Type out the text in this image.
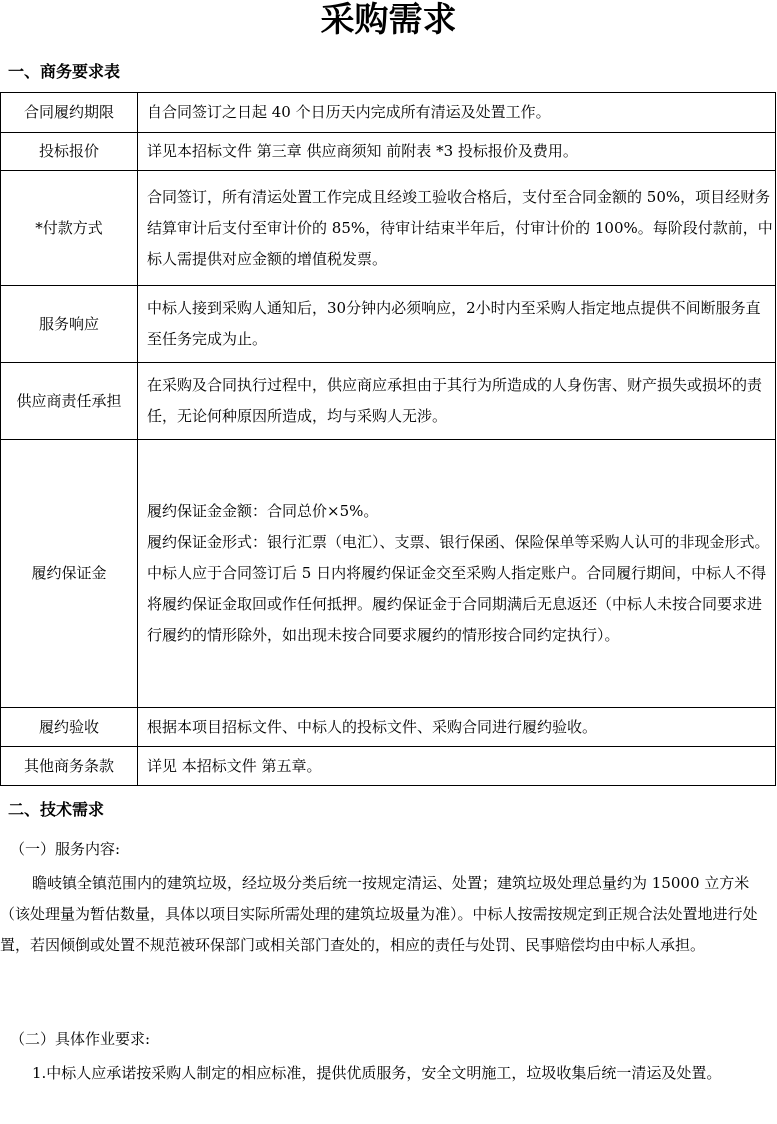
采购需求
一、商务要求表
合同履约期限	自合同签订之日起 40 个日历天内完成所有清运及处置工作。

投标报价	详见本招标文件 第三章 供应商须知 前附表 *3 投标报价及费用。

*付款方式	合同签订，所有清运处置工作完成且经竣工验收合格后，支付至合同金额的 50%，项目经财务结算审计后支付至审计价的 85%，待审计结束半年后，付审计价的 100%。每阶段付款前，中标人需提供对应金额的增值税发票。

服务响应	中标人接到采购人通知后，30分钟内必须响应，2小时内至采购人指定地点提供不间断服务直至任务完成为止。

供应商责任承担	在采购及合同执行过程中，供应商应承担由于其行为所造成的人身伤害、财产损失或损坏的责任，无论何种原因所造成，均与采购人无涉。

履约保证金	履约保证金金额：合同总价×5%。

履约保证金形式：银行汇票（电汇）、支票、银行保函、保险保单等采购人认可的非现金形式。

中标人应于合同签订后 5 日内将履约保证金交至采购人指定账户。合同履行期间，中标人不得将履约保证金取回或作任何抵押。履约保证金于合同期满后无息返还（中标人未按合同要求进行履约的情形除外，如出现未按合同要求履约的情形按合同约定执行）。

履约验收	根据本项目招标文件、中标人的投标文件、采购合同进行履约验收。

其他商务条款	详见 本招标文件 第五章。

二、技术需求
（一）服务内容:
瞻岐镇全镇范围内的建筑垃圾，经垃圾分类后统一按规定清运、处置；建筑垃圾处理总量约为 15000 立方米（该处理量为暂估数量，具体以项目实际所需处理的建筑垃圾量为准）。中标人按需按规定到正规合法处置地进行处置，若因倾倒或处置不规范被环保部门或相关部门查处的，相应的责任与处罚、民事赔偿均由中标人承担。
（二）具体作业要求:
1.中标人应承诺按采购人制定的相应标准，提供优质服务，安全文明施工，垃圾收集后统一清运及处置。
